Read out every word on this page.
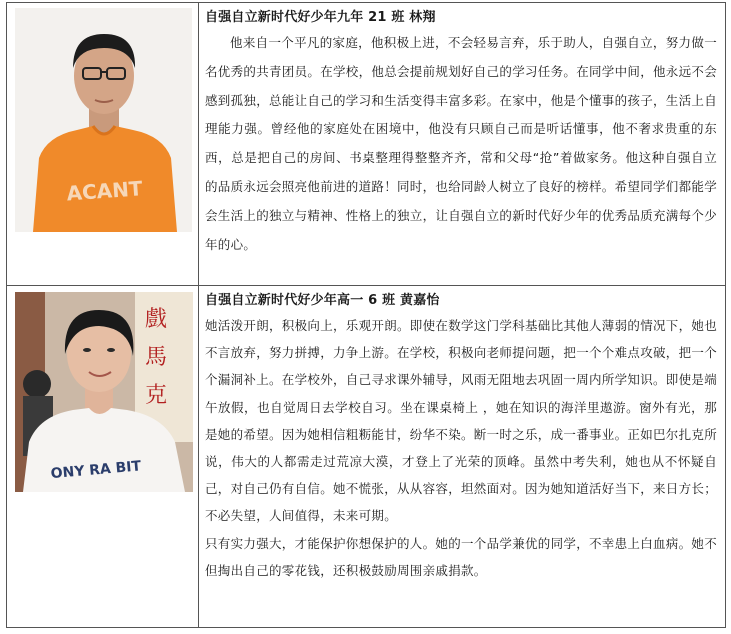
ACANT
自强自立新时代好少年九年 21 班 林翔

他来自一个平凡的家庭，他积极上进，不会轻易言弃，乐于助人，自强自立，努力做一名优秀的共青团员。在学校，他总会提前规划好自己的学习任务。在同学中间，他永远不会感到孤独，总能让自己的学习和生活变得丰富多彩。在家中，他是个懂事的孩子，生活上自理能力强。曾经他的家庭处在困境中，他没有只顾自己而是听话懂事，他不奢求贵重的东西，总是把自己的房间、书桌整理得整整齐齐，常和父母“抢”着做家务。他这种自强自立的品质永远会照亮他前进的道路！同时，也给同龄人树立了良好的榜样。希望同学们都能学会生活上的独立与精神、性格上的独立，让自强自立的新时代好少年的优秀品质充满每个少年的心。

戲
馬
克
ONY RA BIT
自强自立新时代好少年高一 6 班 黄嘉怡

她活泼开朗，积极向上，乐观开朗。即使在数学这门学科基础比其他人薄弱的情况下，她也不言放弃，努力拼搏，力争上游。在学校，积极向老师提问题，把一个个难点攻破，把一个个漏洞补上。在学校外，自己寻求课外辅导，风雨无阻地去巩固一周内所学知识。即使是端午放假，也自觉周日去学校自习。坐在课桌椅上 ，她在知识的海洋里遨游。窗外有光，那是她的希望。因为她相信粗粝能甘，纷华不染。断一时之乐，成一番事业。正如巴尔扎克所说，伟大的人都需走过荒凉大漠，才登上了光荣的顶峰。虽然中考失利，她也从不怀疑自己，对自己仍有自信。她不慌张，从从容容，坦然面对。因为她知道活好当下，来日方长；不必失望，人间值得，未来可期。

只有实力强大，才能保护你想保护的人。她的一个品学兼优的同学，不幸患上白血病。她不但掏出自己的零花钱，还积极鼓励周围亲戚捐款。
